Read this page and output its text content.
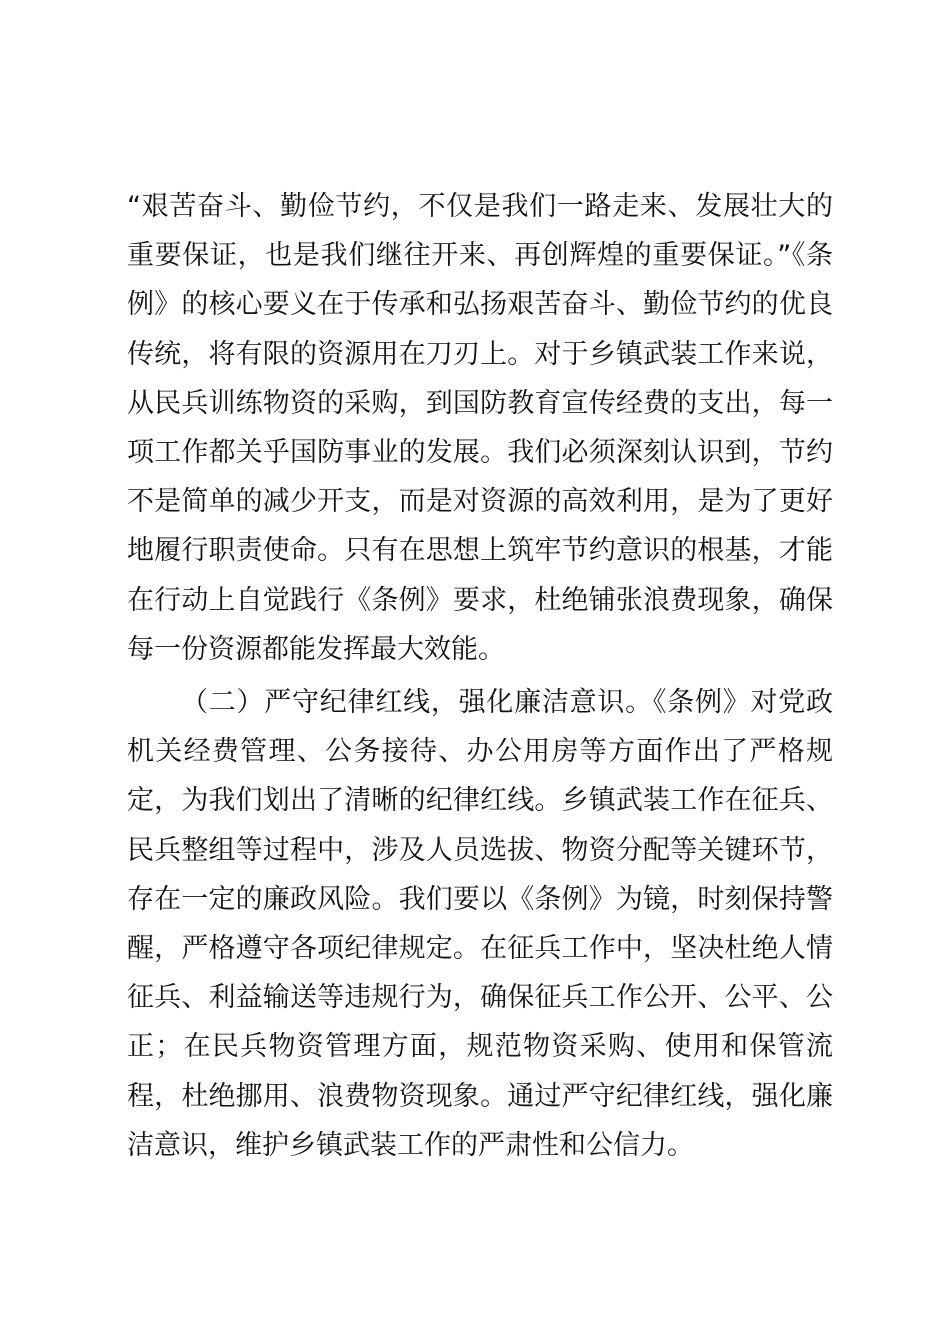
“艰苦奋斗、勤俭节约，不仅是我们一路走来、发展壮大的重要保证，也是我们继往开来、再创辉煌的重要保证。”《条例》的核心要义在于传承和弘扬艰苦奋斗、勤俭节约的优良传统，将有限的资源用在刀刃上。对于乡镇武装工作来说，从民兵训练物资的采购，到国防教育宣传经费的支出，每一项工作都关乎国防事业的发展。我们必须深刻认识到，节约不是简单的减少开支，而是对资源的高效利用，是为了更好地履行职责使命。只有在思想上筑牢节约意识的根基，才能在行动上自觉践行《条例》要求，杜绝铺张浪费现象，确保每一份资源都能发挥最大效能。

（二）严守纪律红线，强化廉洁意识。《条例》对党政机关经费管理、公务接待、办公用房等方面作出了严格规定，为我们划出了清晰的纪律红线。乡镇武装工作在征兵、民兵整组等过程中，涉及人员选拔、物资分配等关键环节，存在一定的廉政风险。我们要以《条例》为镜，时刻保持警醒，严格遵守各项纪律规定。在征兵工作中，坚决杜绝人情征兵、利益输送等违规行为，确保征兵工作公开、公平、公正；在民兵物资管理方面，规范物资采购、使用和保管流程，杜绝挪用、浪费物资现象。通过严守纪律红线，强化廉洁意识，维护乡镇武装工作的严肃性和公信力。
